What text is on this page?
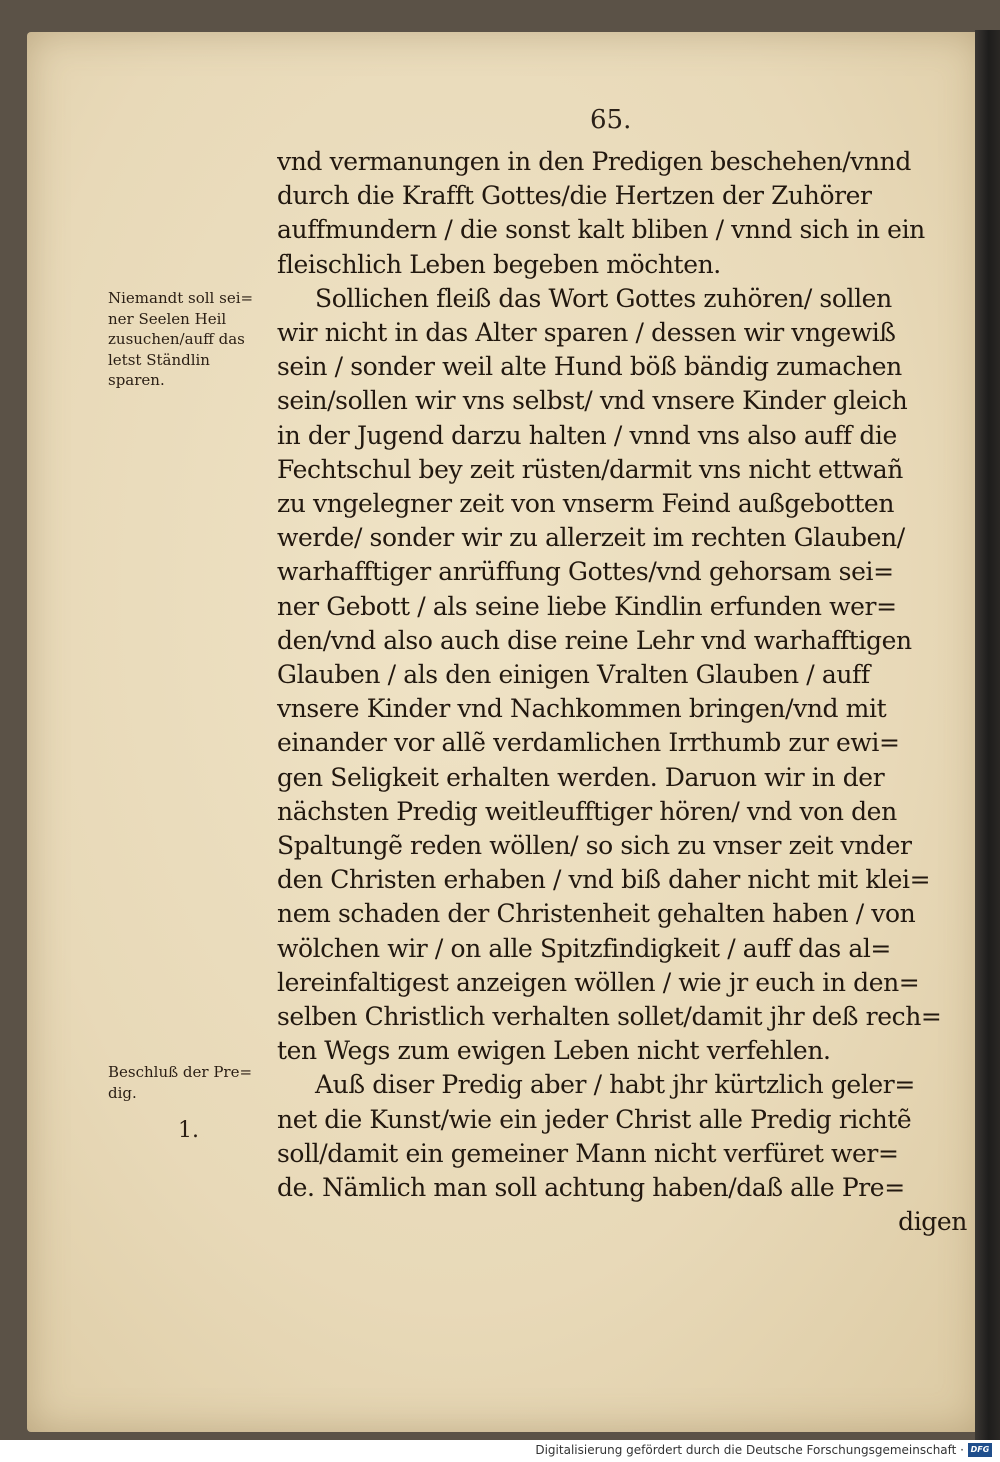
65.
vnd vermanungen in den Predigen beschehen/vnnd
durch die Krafft Gottes/die Hertzen der Zuhörer
auffmundern / die sonst kalt bliben / vnnd sich in ein
fleischlich Leben begeben möchten.
Sollichen fleiß das Wort Gottes zuhören/ sollen
wir nicht in das Alter sparen / dessen wir vngewiß
sein / sonder weil alte Hund böß bändig zumachen
sein/sollen wir vns selbst/ vnd vnsere Kinder gleich
in der Jugend darzu halten / vnnd vns also auff die
Fechtschul bey zeit rüsten/darmit vns nicht ettwañ
zu vngelegner zeit von vnserm Feind außgebotten
werde/ sonder wir zu allerzeit im rechten Glauben/
warhafftiger anrüffung Gottes/vnd gehorsam sei=
ner Gebott / als seine liebe Kindlin erfunden wer=
den/vnd also auch dise reine Lehr vnd warhafftigen
Glauben / als den einigen Vralten Glauben / auff
vnsere Kinder vnd Nachkommen bringen/vnd mit
einander vor allẽ verdamlichen Irrthumb zur ewi=
gen Seligkeit erhalten werden. Daruon wir in der
nächsten Predig weitleufftiger hören/ vnd von den
Spaltungẽ reden wöllen/ so sich zu vnser zeit vnder
den Christen erhaben / vnd biß daher nicht mit klei=
nem schaden der Christenheit gehalten haben / von
wölchen wir / on alle Spitzfindigkeit / auff das al=
lereinfaltigest anzeigen wöllen / wie jr euch in den=
selben Christlich verhalten sollet/damit jhr deß rech=
ten Wegs zum ewigen Leben nicht verfehlen.
Auß diser Predig aber / habt jhr kürtzlich geler=
net die Kunst/wie ein jeder Christ alle Predig richtẽ
soll/damit ein gemeiner Mann nicht verfüret wer=
de. Nämlich man soll achtung haben/daß alle Pre=
digen
Niemandt soll sei=
ner Seelen Heil
zusuchen/auff das
letst Ständlin
sparen.
Beschluß der Pre=
dig.
1.
Digitalisierung gefördert durch die Deutsche Forschungsgemeinschaft · DFG
